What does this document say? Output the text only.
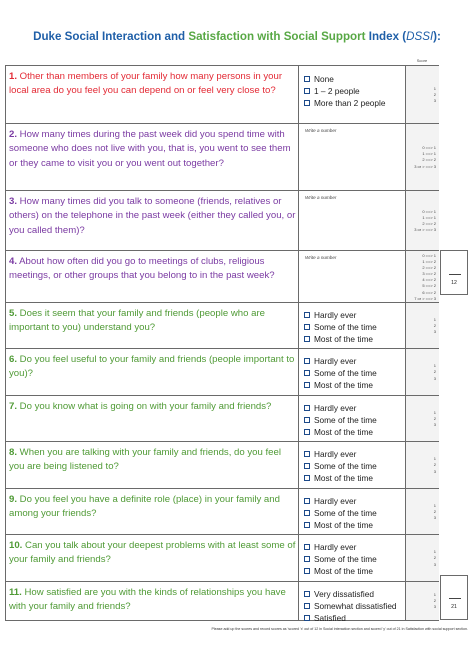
Duke Social Interaction and Satisfaction with Social Support Index (DSSI):
Score
1. Other than members of your family how many persons in your local area do you feel you can depend on or feel very close to?
None
1 – 2 people
More than 2 people
1
2
3
2. How many times during the past week did you spend time with someone who does not live with you, that is, you went to see them or they came to visit you or you went out together?
Write a number
0 ==> 1
1 ==> 1
2 ==> 2
3 or > ==> 3
3. How many times did you talk to someone (friends, relatives or others) on the telephone in the past week (either they called you, or you called them)?
Write a number
0 ==> 1
1 ==> 1
2 ==> 2
3 or > ==> 3
4. About how often did you go to meetings of clubs, religious meetings, or other groups that you belong to in the past week?
Write a number	0 ==> 1
1 ==> 2
2 ==> 2
3 ==> 2
4 ==> 2
5 ==> 2
6 ==> 2
7 or > ==> 3
5. Does it seem that your family and friends (people who are important to you) understand you?
Hardly ever
Some of the time
Most of the time
1
2
3
6. Do you feel useful to your family and friends (people important to you)?
Hardly ever
Some of the time
Most of the time
1
2
3
7. Do you know what is going on with your family and friends?	Hardly ever
Some of the time
Most of the time
1
2
3
8. When you are talking with your family and friends, do you feel you are being listened to?
Hardly ever
Some of the time
Most of the time
1
2
3
9. Do you feel you have a definite role (place) in your family and among your friends?
Hardly ever
Some of the time
Most of the time
1
2
3
10. Can you talk about your deepest problems with at least some of your family and friends?
Hardly ever
Some of the time
Most of the time
1
2
3
11. How satisfied are you with the kinds of relationships you have with your family and friends?
Very dissatisfied
Somewhat dissatisfied
Satisfied
1
2
3
12
21
Please add up the scores and record scores as 'scored 'x' out of 12 in Social interaction section and scored 'y' out of 21 in Satisfaction with social support section.
